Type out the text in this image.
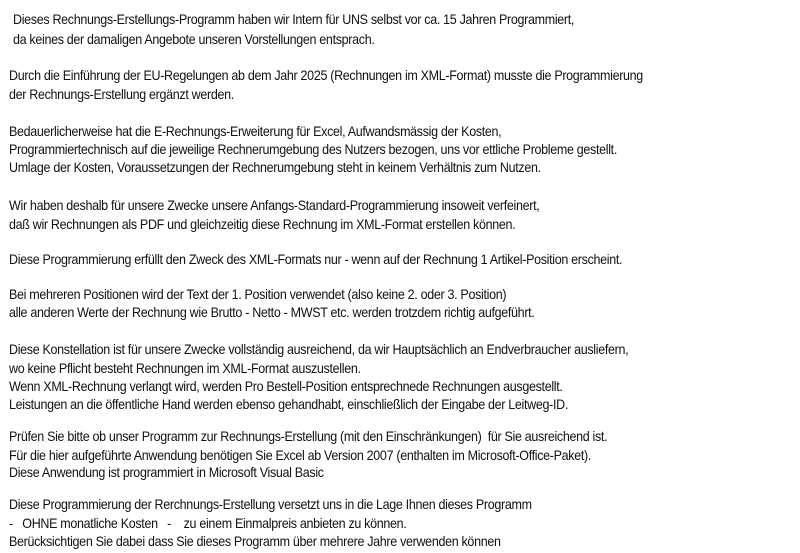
Dieses Rechnungs-Erstellungs-Programm haben wir Intern für UNS selbst vor ca. 15 Jahren Programmiert,
da keines der damaligen Angebote unseren Vorstellungen entsprach.
Durch die Einführung der EU-Regelungen ab dem Jahr 2025 (Rechnungen im XML-Format) musste die Programmierung
der Rechnungs-Erstellung ergänzt werden.
Bedauerlicherweise hat die E-Rechnungs-Erweiterung für Excel, Aufwandsmässig der Kosten,
Programmiertechnisch auf die jeweilige Rechnerumgebung des Nutzers bezogen, uns vor ettliche Probleme gestellt.
Umlage der Kosten, Voraussetzungen der Rechnerumgebung steht in keinem Verhältnis zum Nutzen.
Wir haben deshalb für unsere Zwecke unsere Anfangs-Standard-Programmierung insoweit verfeinert,
daß wir Rechnungen als PDF und gleichzeitig diese Rechnung im XML-Format erstellen können.
Diese Programmierung erfüllt den Zweck des XML-Formats nur - wenn auf der Rechnung 1 Artikel-Position erscheint.
Bei mehreren Positionen wird der Text der 1. Position verwendet (also keine 2. oder 3. Position)
alle anderen Werte der Rechnung wie Brutto - Netto - MWST etc. werden trotzdem richtig aufgeführt.
Diese Konstellation ist für unsere Zwecke vollständig ausreichend, da wir Hauptsächlich an Endverbraucher ausliefern,
wo keine Pflicht besteht Rechnungen im XML-Format auszustellen.
Wenn XML-Rechnung verlangt wird, werden Pro Bestell-Position entsprechnede Rechnungen ausgestellt.
Leistungen an die öffentliche Hand werden ebenso gehandhabt, einschließlich der Eingabe der Leitweg-ID.
Prüfen Sie bitte ob unser Programm zur Rechnungs-Erstellung (mit den Einschränkungen)  für Sie ausreichend ist.
Für die hier aufgeführte Anwendung benötigen Sie Excel ab Version 2007 (enthalten im Microsoft-Office-Paket).
Diese Anwendung ist programmiert in Microsoft Visual Basic
Diese Programmierung der Rerchnungs-Erstellung versetzt uns in die Lage Ihnen dieses Programm
-   OHNE monatliche Kosten   -    zu einem Einmalpreis anbieten zu können.
Berücksichtigen Sie dabei dass Sie dieses Programm über mehrere Jahre verwenden können
